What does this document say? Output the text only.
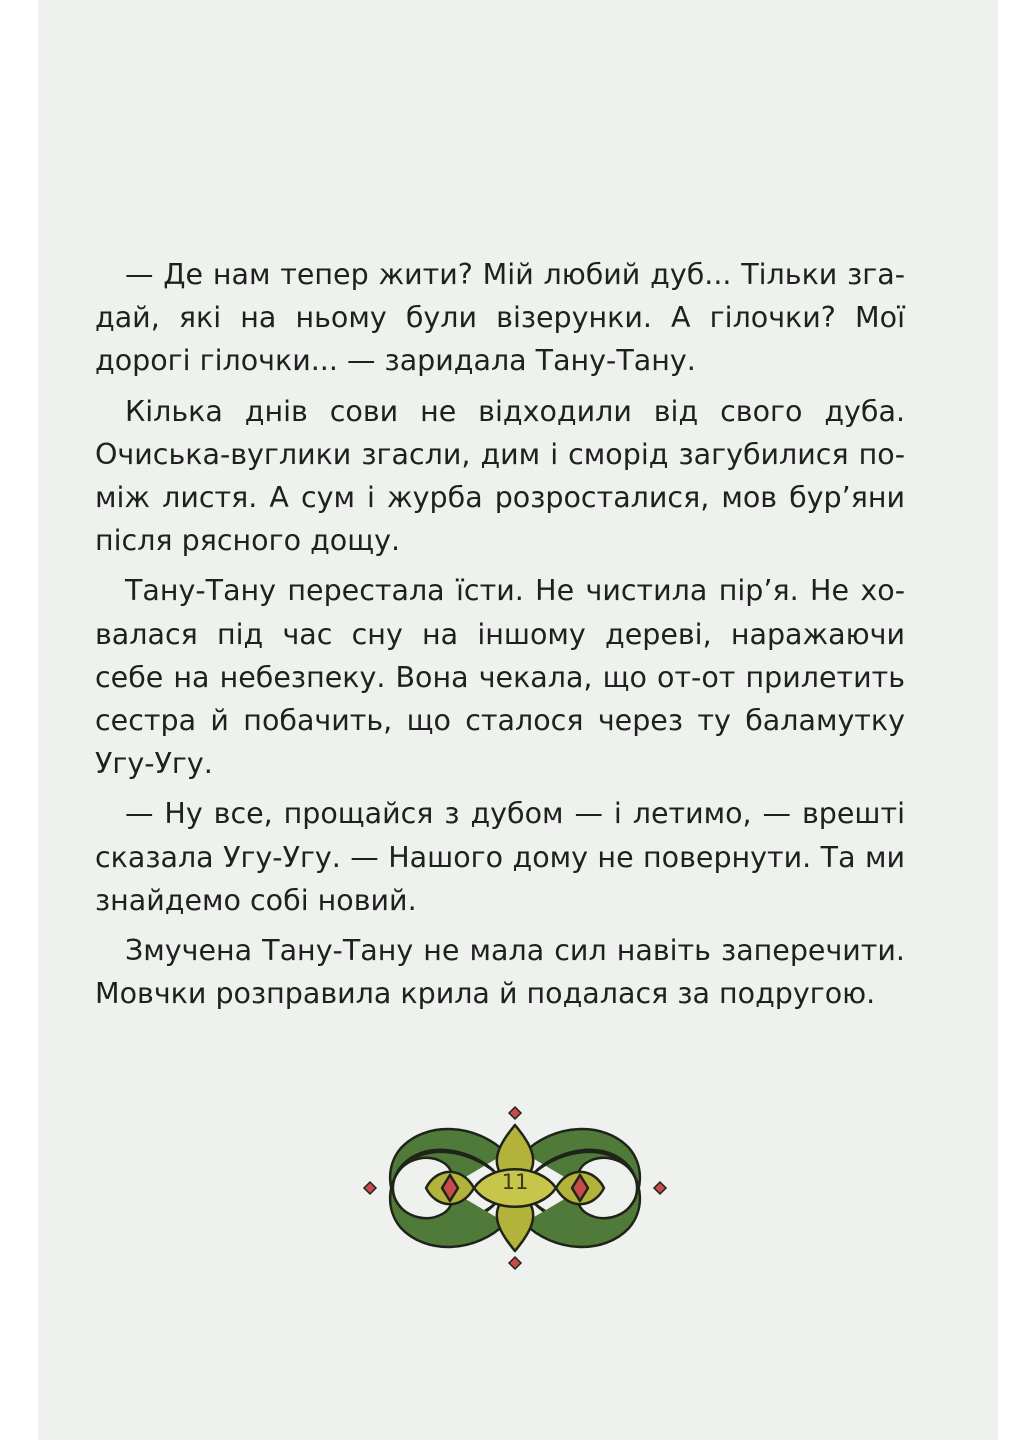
— Де нам тепер жити? Мій любий дуб... Тільки згадай, які на ньому були візерунки. А гілочки? Мої дорогі гілочки... — заридала Тану-Тану.

Кілька днів сови не відходили від свого дуба. Очиська-вуглики згасли, дим і сморід загубилися поміж листя. А сум і журба розросталися, мов бур’яни після рясного дощу.

Тану-Тану перестала їсти. Не чистила пір’я. Не ховалася під час сну на іншому дереві, наражаючи себе на небезпеку. Вона чекала, що от-от прилетить сестра й побачить, що сталося через ту баламутку Угу-Угу.

— Ну все, прощайся з дубом — і летимо, — врешті сказала Угу-Угу. — Нашого дому не повернути. Та ми знайдемо собі новий.

Змучена Тану-Тану не мала сил навіть заперечити. Мовчки розправила крила й подалася за подругою.

11
